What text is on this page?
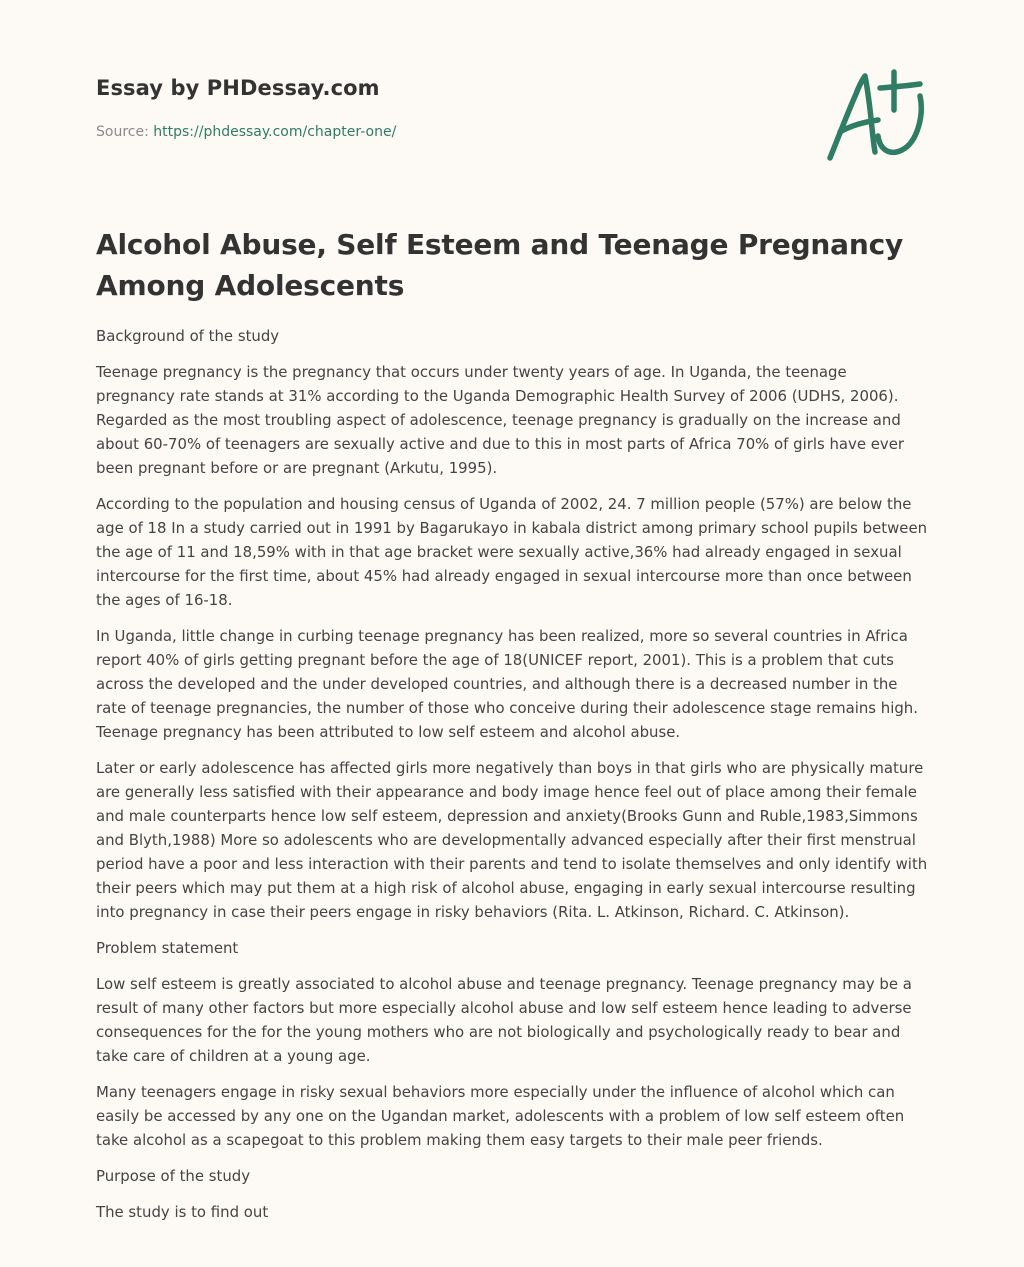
Essay by PHDessay.com

Source: https://phdessay.com/chapter-one/

Alcohol Abuse, Self Esteem and Teenage Pregnancy Among Adolescents

Background of the study

Teenage pregnancy is the pregnancy that occurs under twenty years of age. In Uganda, the teenage pregnancy rate stands at 31% according to the Uganda Demographic Health Survey of 2006 (UDHS, 2006). Regarded as the most troubling aspect of adolescence, teenage pregnancy is gradually on the increase and about 60-70% of teenagers are sexually active and due to this in most parts of Africa 70% of girls have ever been pregnant before or are pregnant (Arkutu, 1995).

According to the population and housing census of Uganda of 2002, 24. 7 million people (57%) are below the age of 18 In a study carried out in 1991 by Bagarukayo in kabala district among primary school pupils between the age of 11 and 18,59% with in that age bracket were sexually active,36% had already engaged in sexual intercourse for the first time, about 45% had already engaged in sexual intercourse more than once between the ages of 16-18.

In Uganda, little change in curbing teenage pregnancy has been realized, more so several countries in Africa report 40% of girls getting pregnant before the age of 18(UNICEF report, 2001). This is a problem that cuts across the developed and the under developed countries, and although there is a decreased number in the rate of teenage pregnancies, the number of those who conceive during their adolescence stage remains high. Teenage pregnancy has been attributed to low self esteem and alcohol abuse.

Later or early adolescence has affected girls more negatively than boys in that girls who are physically mature are generally less satisfied with their appearance and body image hence feel out of place among their female and male counterparts hence low self esteem, depression and anxiety(Brooks Gunn and Ruble,1983,Simmons and Blyth,1988) More so adolescents who are developmentally advanced especially after their first menstrual period have a poor and less interaction with their parents and tend to isolate themselves and only identify with their peers which may put them at a high risk of alcohol abuse, engaging in early sexual intercourse resulting into pregnancy in case their peers engage in risky behaviors (Rita. L. Atkinson, Richard. C. Atkinson).

Problem statement

Low self esteem is greatly associated to alcohol abuse and teenage pregnancy. Teenage pregnancy may be a result of many other factors but more especially alcohol abuse and low self esteem hence leading to adverse consequences for the for the young mothers who are not biologically and psychologically ready to bear and take care of children at a young age.

Many teenagers engage in risky sexual behaviors more especially under the influence of alcohol which can easily be accessed by any one on the Ugandan market, adolescents with a problem of low self esteem often take alcohol as a scapegoat to this problem making them easy targets to their male peer friends.

Purpose of the study

The study is to find out
